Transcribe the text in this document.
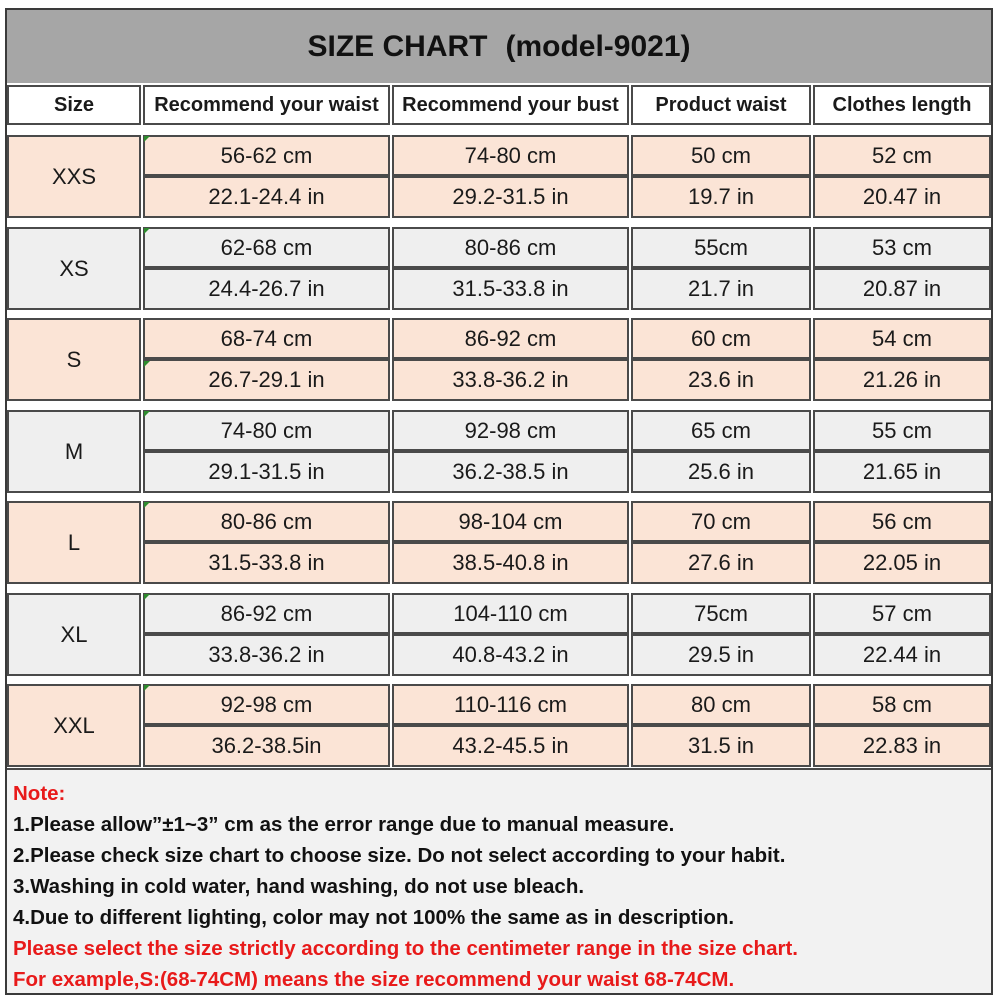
SIZE CHART (model-9021)
Size	Recommend your waist	Recommend your bust	Product waist	Clothes length
XXS
56-62 cm	74-80 cm	50 cm	52 cm
22.1-24.4 in	29.2-31.5 in	19.7 in	20.47 in
XS
62-68 cm	80-86 cm	55cm	53 cm
24.4-26.7 in	31.5-33.8 in	21.7 in	20.87 in
S
68-74 cm	86-92 cm	60 cm	54 cm
26.7-29.1 in	33.8-36.2 in	23.6 in	21.26 in
M
74-80 cm	92-98 cm	65 cm	55 cm
29.1-31.5 in	36.2-38.5 in	25.6 in	21.65 in
L
80-86 cm	98-104 cm	70 cm	56 cm
31.5-33.8 in	38.5-40.8 in	27.6 in	22.05 in
XL
86-92 cm	104-110 cm	75cm	57 cm
33.8-36.2 in	40.8-43.2 in	29.5 in	22.44 in
XXL
92-98 cm	110-116 cm	80 cm	58 cm
36.2-38.5in	43.2-45.5 in	31.5 in	22.83 in
Note:
1.Please allow”±1~3” cm as the error range due to manual measure.
2.Please check size chart to choose size. Do not select according to your habit.
3.Washing in cold water, hand washing, do not use bleach.
4.Due to different lighting, color may not 100% the same as in description.
Please select the size strictly according to the centimeter range in the size chart.
For example,S:(68-74CM) means the size recommend your waist 68-74CM.
